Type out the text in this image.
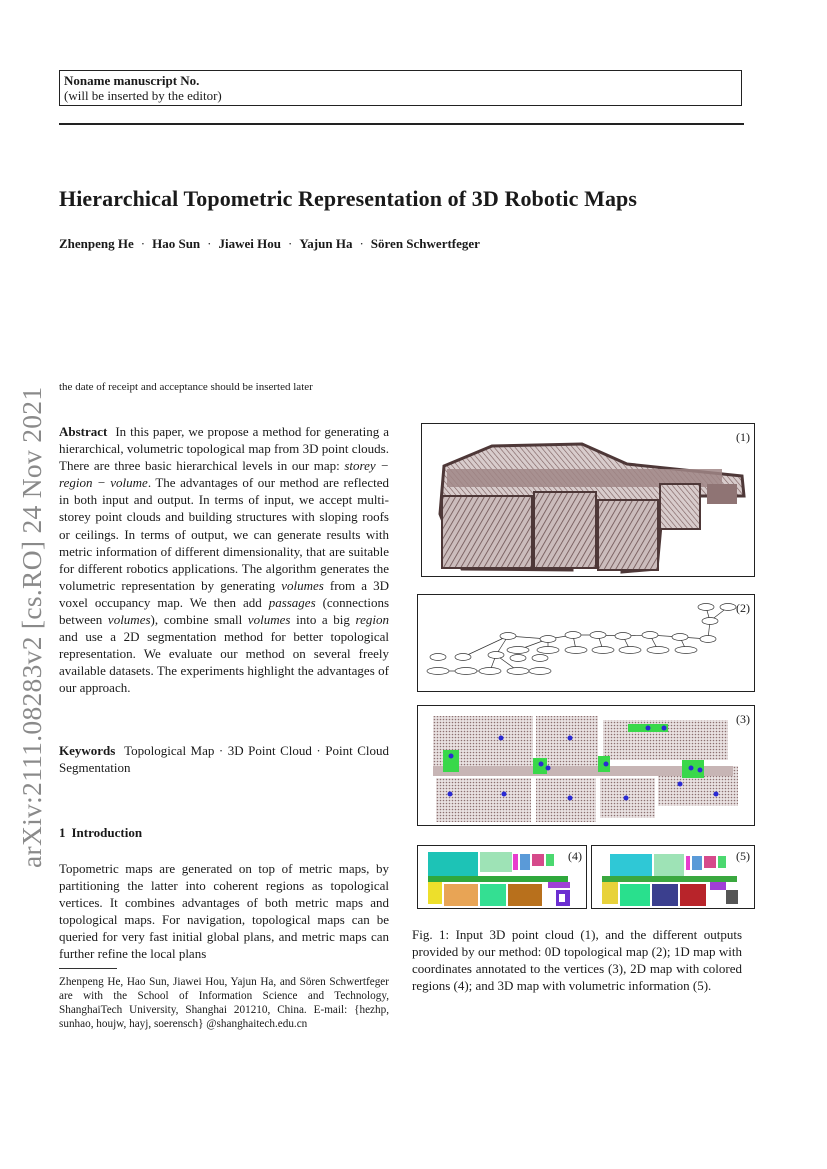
Noname manuscript No.
(will be inserted by the editor)
Hierarchical Topometric Representation of 3D Robotic Maps
Zhenpeng He · Hao Sun · Jiawei Hou · Yajun Ha · Sören Schwertfeger
arXiv:2111.08283v2 [cs.RO] 24 Nov 2021 the date of receipt and acceptance should be inserted later
Abstract In this paper, we propose a method for generating a hierarchical, volumetric topological map from 3D point clouds. There are three basic hierarchical levels in our map: storey − region − volume. The advantages of our method are reflected in both input and output. In terms of input, we accept multi-storey point clouds and building structures with sloping roofs or ceilings. In terms of output, we can generate results with metric information of different dimensionality, that are suitable for different robotics applications. The algorithm generates the volumetric representation by generating volumes from a 3D voxel occupancy map. We then add passages (connections between volumes), combine small volumes into a big region and use a 2D segmentation method for better topological representation. We evaluate our method on several freely available datasets. The experiments highlight the advantages of our approach.
Keywords Topological Map · 3D Point Cloud · Point Cloud Segmentation
1 Introduction
Topometric maps are generated on top of metric maps, by partitioning the latter into coherent regions as topological vertices. It combines advantages of both metric maps and topological maps. For navigation, topological maps can be queried for very fast initial global plans, and metric maps can further refine the local plans
Zhenpeng He, Hao Sun, Jiawei Hou, Yajun Ha, and Sören Schwertfeger are with the School of Information Science and Technology, ShanghaiTech University, Shanghai 201210, China. E-mail: {hezhp, sunhao, houjw, hayj, soerensch} @shanghaitech.edu.cn
(1)
(2)
(3)
(4)	(5)
Fig. 1: Input 3D point cloud (1), and the different outputs provided by our method: 0D topological map (2); 1D map with coordinates annotated to the vertices (3), 2D map with colored regions (4); and 3D map with volumetric information (5).
